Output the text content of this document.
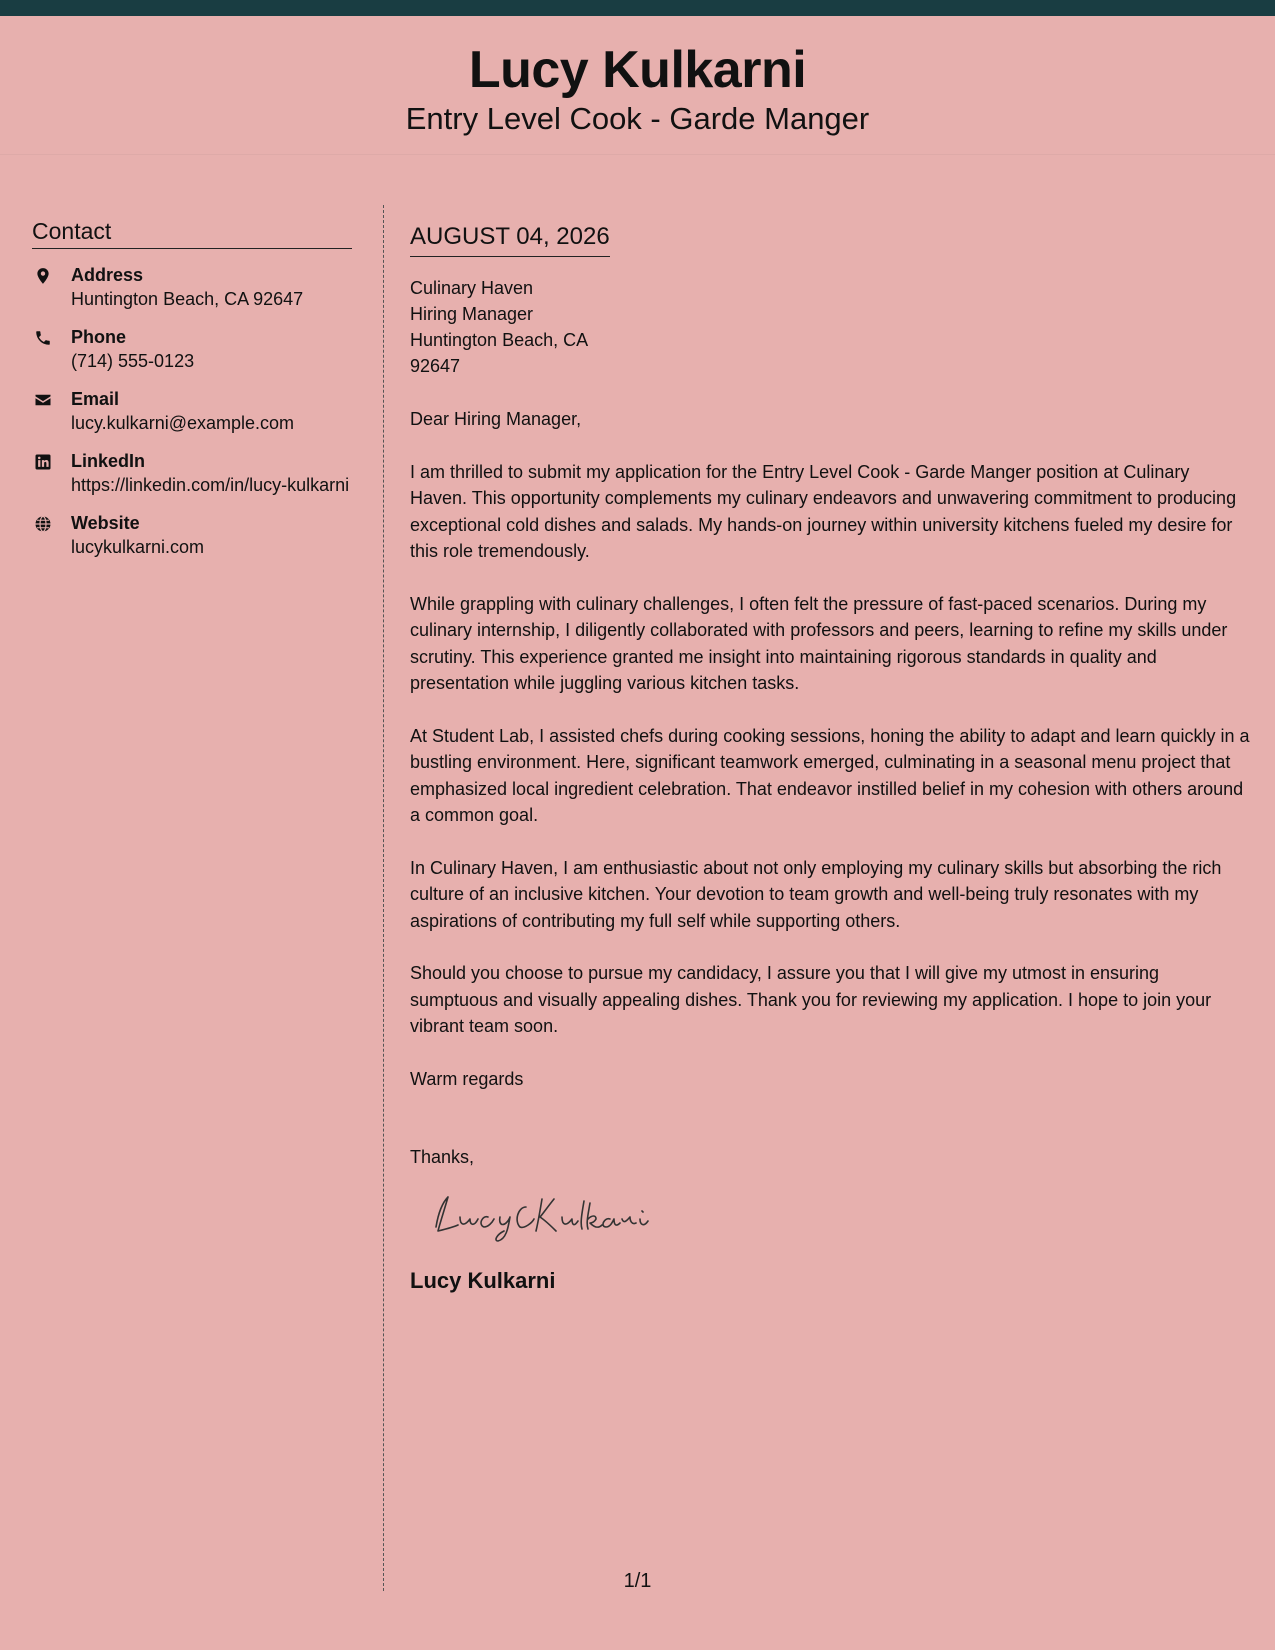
Lucy Kulkarni
Entry Level Cook - Garde Manger
Contact
Address
Huntington Beach, CA 92647
Phone
(714) 555-0123
Email
lucy.kulkarni@example.com
LinkedIn
https://linkedin.com/in/lucy-kulkarni
Website
lucykulkarni.com
AUGUST 04, 2026
Culinary Haven
Hiring Manager
Huntington Beach, CA
92647

Dear Hiring Manager,

I am thrilled to submit my application for the Entry Level Cook - Garde Manger position at Culinary Haven. This opportunity complements my culinary endeavors and unwavering commitment to producing exceptional cold dishes and salads. My hands-on journey within university kitchens fueled my desire for this role tremendously.

While grappling with culinary challenges, I often felt the pressure of fast-paced scenarios. During my culinary internship, I diligently collaborated with professors and peers, learning to refine my skills under scrutiny. This experience granted me insight into maintaining rigorous standards in quality and presentation while juggling various kitchen tasks.

At Student Lab, I assisted chefs during cooking sessions, honing the ability to adapt and learn quickly in a bustling environment. Here, significant teamwork emerged, culminating in a seasonal menu project that emphasized local ingredient celebration. That endeavor instilled belief in my cohesion with others around a common goal.

In Culinary Haven, I am enthusiastic about not only employing my culinary skills but absorbing the rich culture of an inclusive kitchen. Your devotion to team growth and well-being truly resonates with my aspirations of contributing my full self while supporting others.

Should you choose to pursue my candidacy, I assure you that I will give my utmost in ensuring sumptuous and visually appealing dishes. Thank you for reviewing my application. I hope to join your vibrant team soon.

Warm regards

Thanks,

Lucy Kulkarni
1/1
